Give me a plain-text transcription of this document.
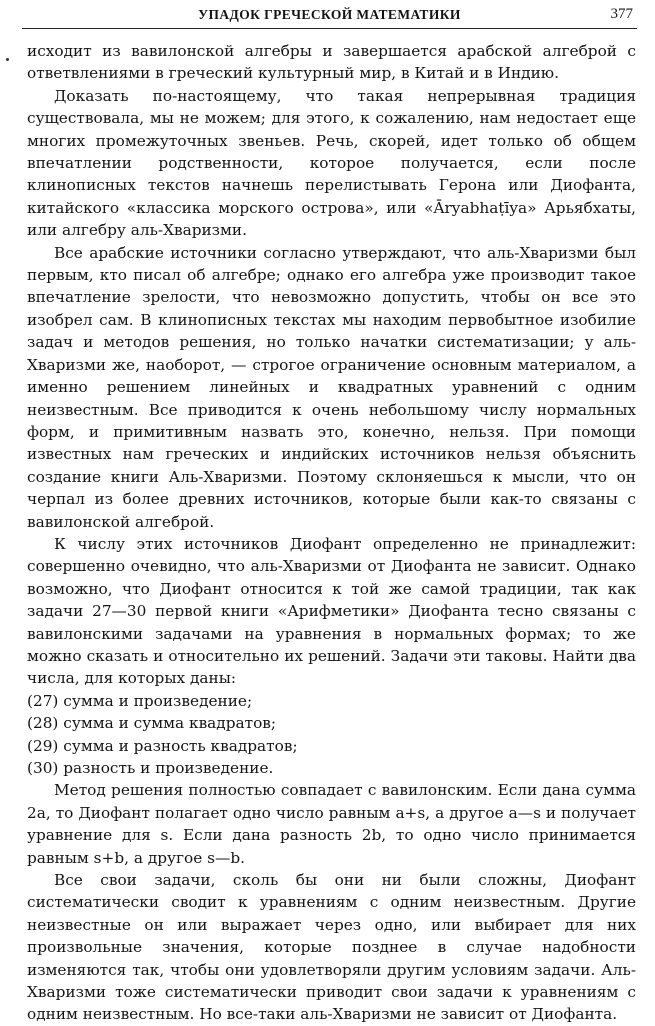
УПАДОК ГРЕЧЕСКОЙ МАТЕМАТИКИ	377

исходит из вавилонской алгебры и завершается арабской алгеброй с ответвлениями в греческий культурный мир, в Китай и в Индию.

Доказать по-настоящему, что такая непрерывная традиция существовала, мы не можем; для этого, к сожалению, нам недостает еще многих промежуточных звеньев. Речь, скорей, идет только об общем впечатлении родственности, которое получается, если после клинописных текстов начнешь перелистывать Герона или Диофанта, китайского «классика морского острова», или «Āryabhaṭīya» Арьябхаты, или алгебру аль-Хваризми.

Все арабские источники согласно утверждают, что аль-Хваризми был первым, кто писал об алгебре; однако его алгебра уже производит такое впечатление зрелости, что невозможно допустить, чтобы он все это изобрел сам. В клинописных текстах мы находим первобытное изобилие задач и методов решения, но только начатки систематизации; у аль-Хваризми же, наоборот, — строгое ограничение основным материалом, а именно решением линейных и квадратных уравнений с одним неизвестным. Все приводится к очень небольшому числу нормальных форм, и примитивным назвать это, конечно, нельзя. При помощи известных нам греческих и индийских источников нельзя объяснить создание книги Аль-Хваризми. Поэтому склоняешься к мысли, что он черпал из более древних источников, которые были как-то связаны с вавилонской алгеброй.

К числу этих источников Диофант определенно не принадлежит: совершенно очевидно, что аль-Хваризми от Диофанта не зависит. Однако возможно, что Диофант относится к той же самой традиции, так как задачи 27—30 первой книги «Арифметики» Диофанта тесно связаны с вавилонскими задачами на уравнения в нормальных формах; то же можно сказать и относительно их решений. Задачи эти таковы. Найти два числа, для которых даны:

(27) сумма и произведение;

(28) сумма и сумма квадратов;

(29) сумма и разность квадратов;

(30) разность и произведение.

Метод решения полностью совпадает с вавилонским. Если дана сумма 2a, то Диофант полагает одно число равным a+s, а другое a—s и получает уравнение для s. Если дана разность 2b, то одно число принимается равным s+b, а другое s—b.

Все свои задачи, сколь бы они ни были сложны, Диофант систематически сводит к уравнениям с одним неизвестным. Другие неизвестные он или выражает через одно, или выбирает для них произвольные значения, которые позднее в случае надобности изменяются так, чтобы они удовлетворяли другим условиям задачи. Аль-Хваризми тоже систематически приводит свои задачи к уравнениям с одним неизвестным. Но все-таки аль-Хваризми не зависит от Диофанта.
